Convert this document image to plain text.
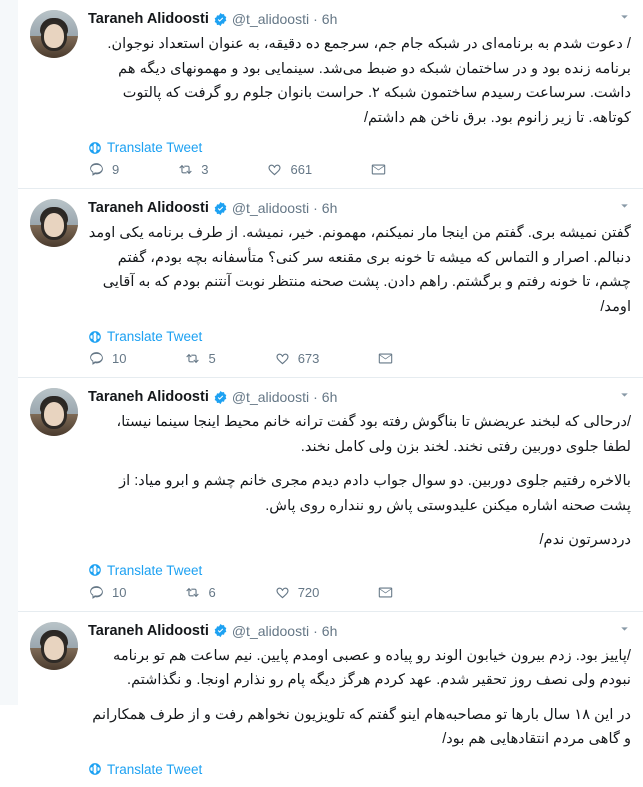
Taraneh Alidoosti @t_alidoosti · 6h

/ دعوت شدم به برنامه‌ای در شبکه جام جم، سرجمع ده دقیقه، به عنوان استعداد نوجوان. برنامه زنده بود و در ساختمان شبکه دو ضبط می‌شد. سینمایی بود و مهمونهای دیگه هم داشت. سرساعت رسیدم ساختمون شبکه ۲. حراست بانوان جلوم رو گرفت که پالتوت کوتاهه. تا زیر زانوم بود. برق ناخن هم داشتم/

Translate Tweet
9	3	661
Taraneh Alidoosti @t_alidoosti · 6h

گفتن نمیشه بری. گفتم من اینجا مار نمیکنم، مهمونم. خیر، نمیشه. از طرف برنامه یکی اومد دنبالم. اصرار و التماس که میشه تا خونه بری مقنعه سر کنی؟ متأسفانه بچه بودم، گفتم چشم، تا خونه رفتم و برگشتم. راهم دادن. پشت صحنه منتظر نوبت آنتنم بودم که به آقایی اومد/

Translate Tweet
10	5	673
Taraneh Alidoosti @t_alidoosti · 6h

/درحالی که لبخند عریضش تا بناگوش رفته بود گفت ترانه خانم محیط اینجا سینما نیستا، لطفا جلوی دوربین رفتی نخند. لخند بزن ولی کامل نخند.

بالاخره رفتیم جلوی دوربین. دو سوال جواب دادم دیدم مجری خانم چشم و ابرو میاد: از پشت صحنه اشاره میکنن علیدوستی پاش رو ننداره روی پاش.

دردسرتون ندم/

Translate Tweet
10	6	720
Taraneh Alidoosti @t_alidoosti · 6h

/پاییز بود. زدم بیرون خیابون الوند رو پیاده و عصبی اومدم پایین. نیم ساعت هم تو برنامه نبودم ولی نصف روز تحقیر شدم. عهد کردم هرگز دیگه پام رو نذارم اونجا. و نگذاشتم.

در این ۱۸ سال بارها تو مصاحبه‌هام اینو گفتم که تلویزیون نخواهم رفت و از طرف همکارانم و گاهی مردم انتقادهایی هم بود/

Translate Tweet
